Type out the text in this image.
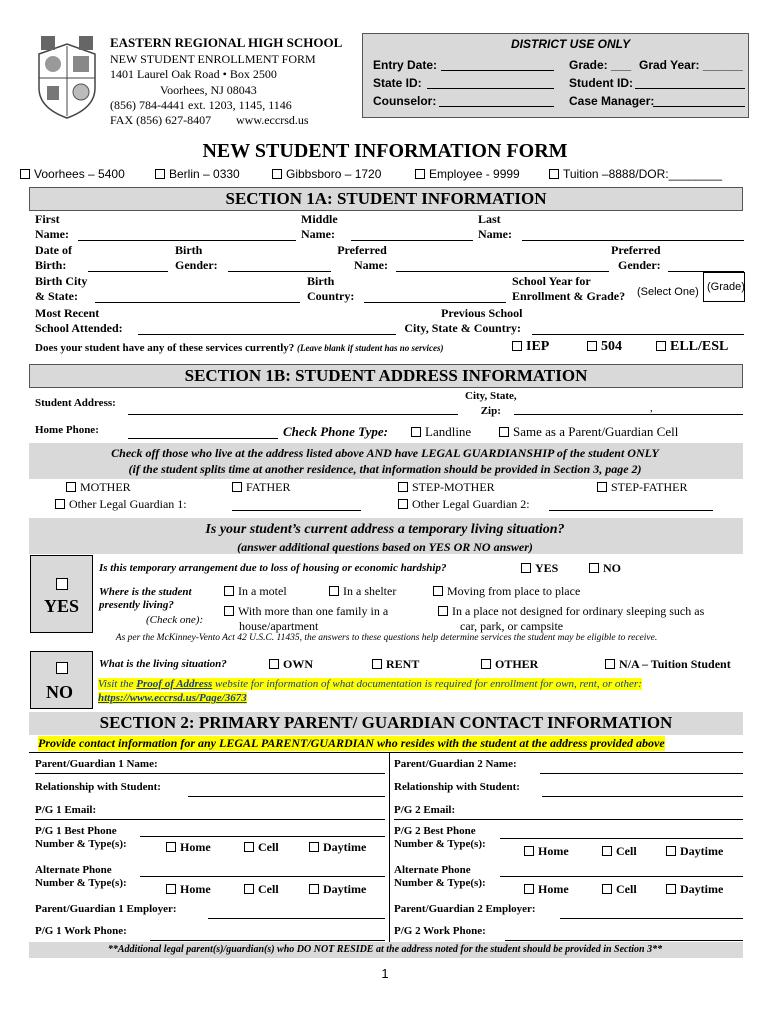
EASTERN REGIONAL HIGH SCHOOL
NEW STUDENT ENROLLMENT FORM
1401 Laurel Oak Road • Box 2500
Voorhees, NJ 08043
(856) 784-4441 ext. 1203, 1145, 1146
FAX (856) 627-8407 www.eccrsd.us
DISTRICT USE ONLY
Entry Date:
State ID:
Counselor:
Grade: ___ Grad Year: ______
Student ID:
Case Manager:
NEW STUDENT INFORMATION FORM
Voorhees – 5400	Berlin – 0330	Gibbsboro – 1720	Employee - 9999	Tuition –8888/DOR:________
SECTION 1A: STUDENT INFORMATION
First
Name:
Middle
Name:
Last
Name:
Date of
Birth:
Birth
Gender:
Preferred
Name:
Preferred
Gender:
Birth City
& State:
Birth
Country:
School Year for
Enrollment & Grade? (Select One) (Grade)
Most Recent
School Attended:
Previous School
City, State & Country:
Does your student have any of these services currently? (Leave blank if student has no services)	IEP	504	ELL/ESL
SECTION 1B: STUDENT ADDRESS INFORMATION
Student Address:
City, State,
Zip:	,
Home Phone:	Check Phone Type:	Landline	Same as a Parent/Guardian Cell
Check off those who live at the address listed above AND have LEGAL GUARDIANSHIP of the student ONLY
(if the student splits time at another residence, that information should be provided in Section 3, page 2)
MOTHER	FATHER	STEP-MOTHER	STEP-FATHER
Other Legal Guardian 1:	Other Legal Guardian 2:
Is your student’s current address a temporary living situation?
(answer additional questions based on YES OR NO answer)
YES
Is this temporary arrangement due to loss of housing or economic hardship?	YES	NO
Where is the student
presently living?
(Check one):
In a motel	In a shelter	Moving from place to place
With more than one family in a
house/apartment
In a place not designed for ordinary sleeping such as
car, park, or campsite
As per the McKinney-Vento Act 42 U.S.C. 11435, the answers to these questions help determine services the student may be eligible to receive.
NO
What is the living situation?	OWN	RENT	OTHER	N/A – Tuition Student
Visit the Proof of Address website for information of what documentation is required for enrollment for own, rent, or other:
https://www.eccrsd.us/Page/3673
SECTION 2: PRIMARY PARENT/ GUARDIAN CONTACT INFORMATION
Provide contact information for any LEGAL PARENT/GUARDIAN who resides with the student at the address provided above
Parent/Guardian 1 Name:	Parent/Guardian 2 Name:
Relationship with Student:	Relationship with Student:
P/G 1 Email:	P/G 2 Email:
P/G 1 Best Phone
Number & Type(s):	Home	Cell	Daytime
P/G 2 Best Phone
Number & Type(s):	Home	Cell	Daytime
Alternate Phone
Number & Type(s):	Home	Cell	Daytime
Alternate Phone
Number & Type(s):	Home	Cell	Daytime
Parent/Guardian 1 Employer:	Parent/Guardian 2 Employer:
P/G 1 Work Phone:	P/G 2 Work Phone:
**Additional legal parent(s)/guardian(s) who DO NOT RESIDE at the address noted for the student should be provided in Section 3**
1
